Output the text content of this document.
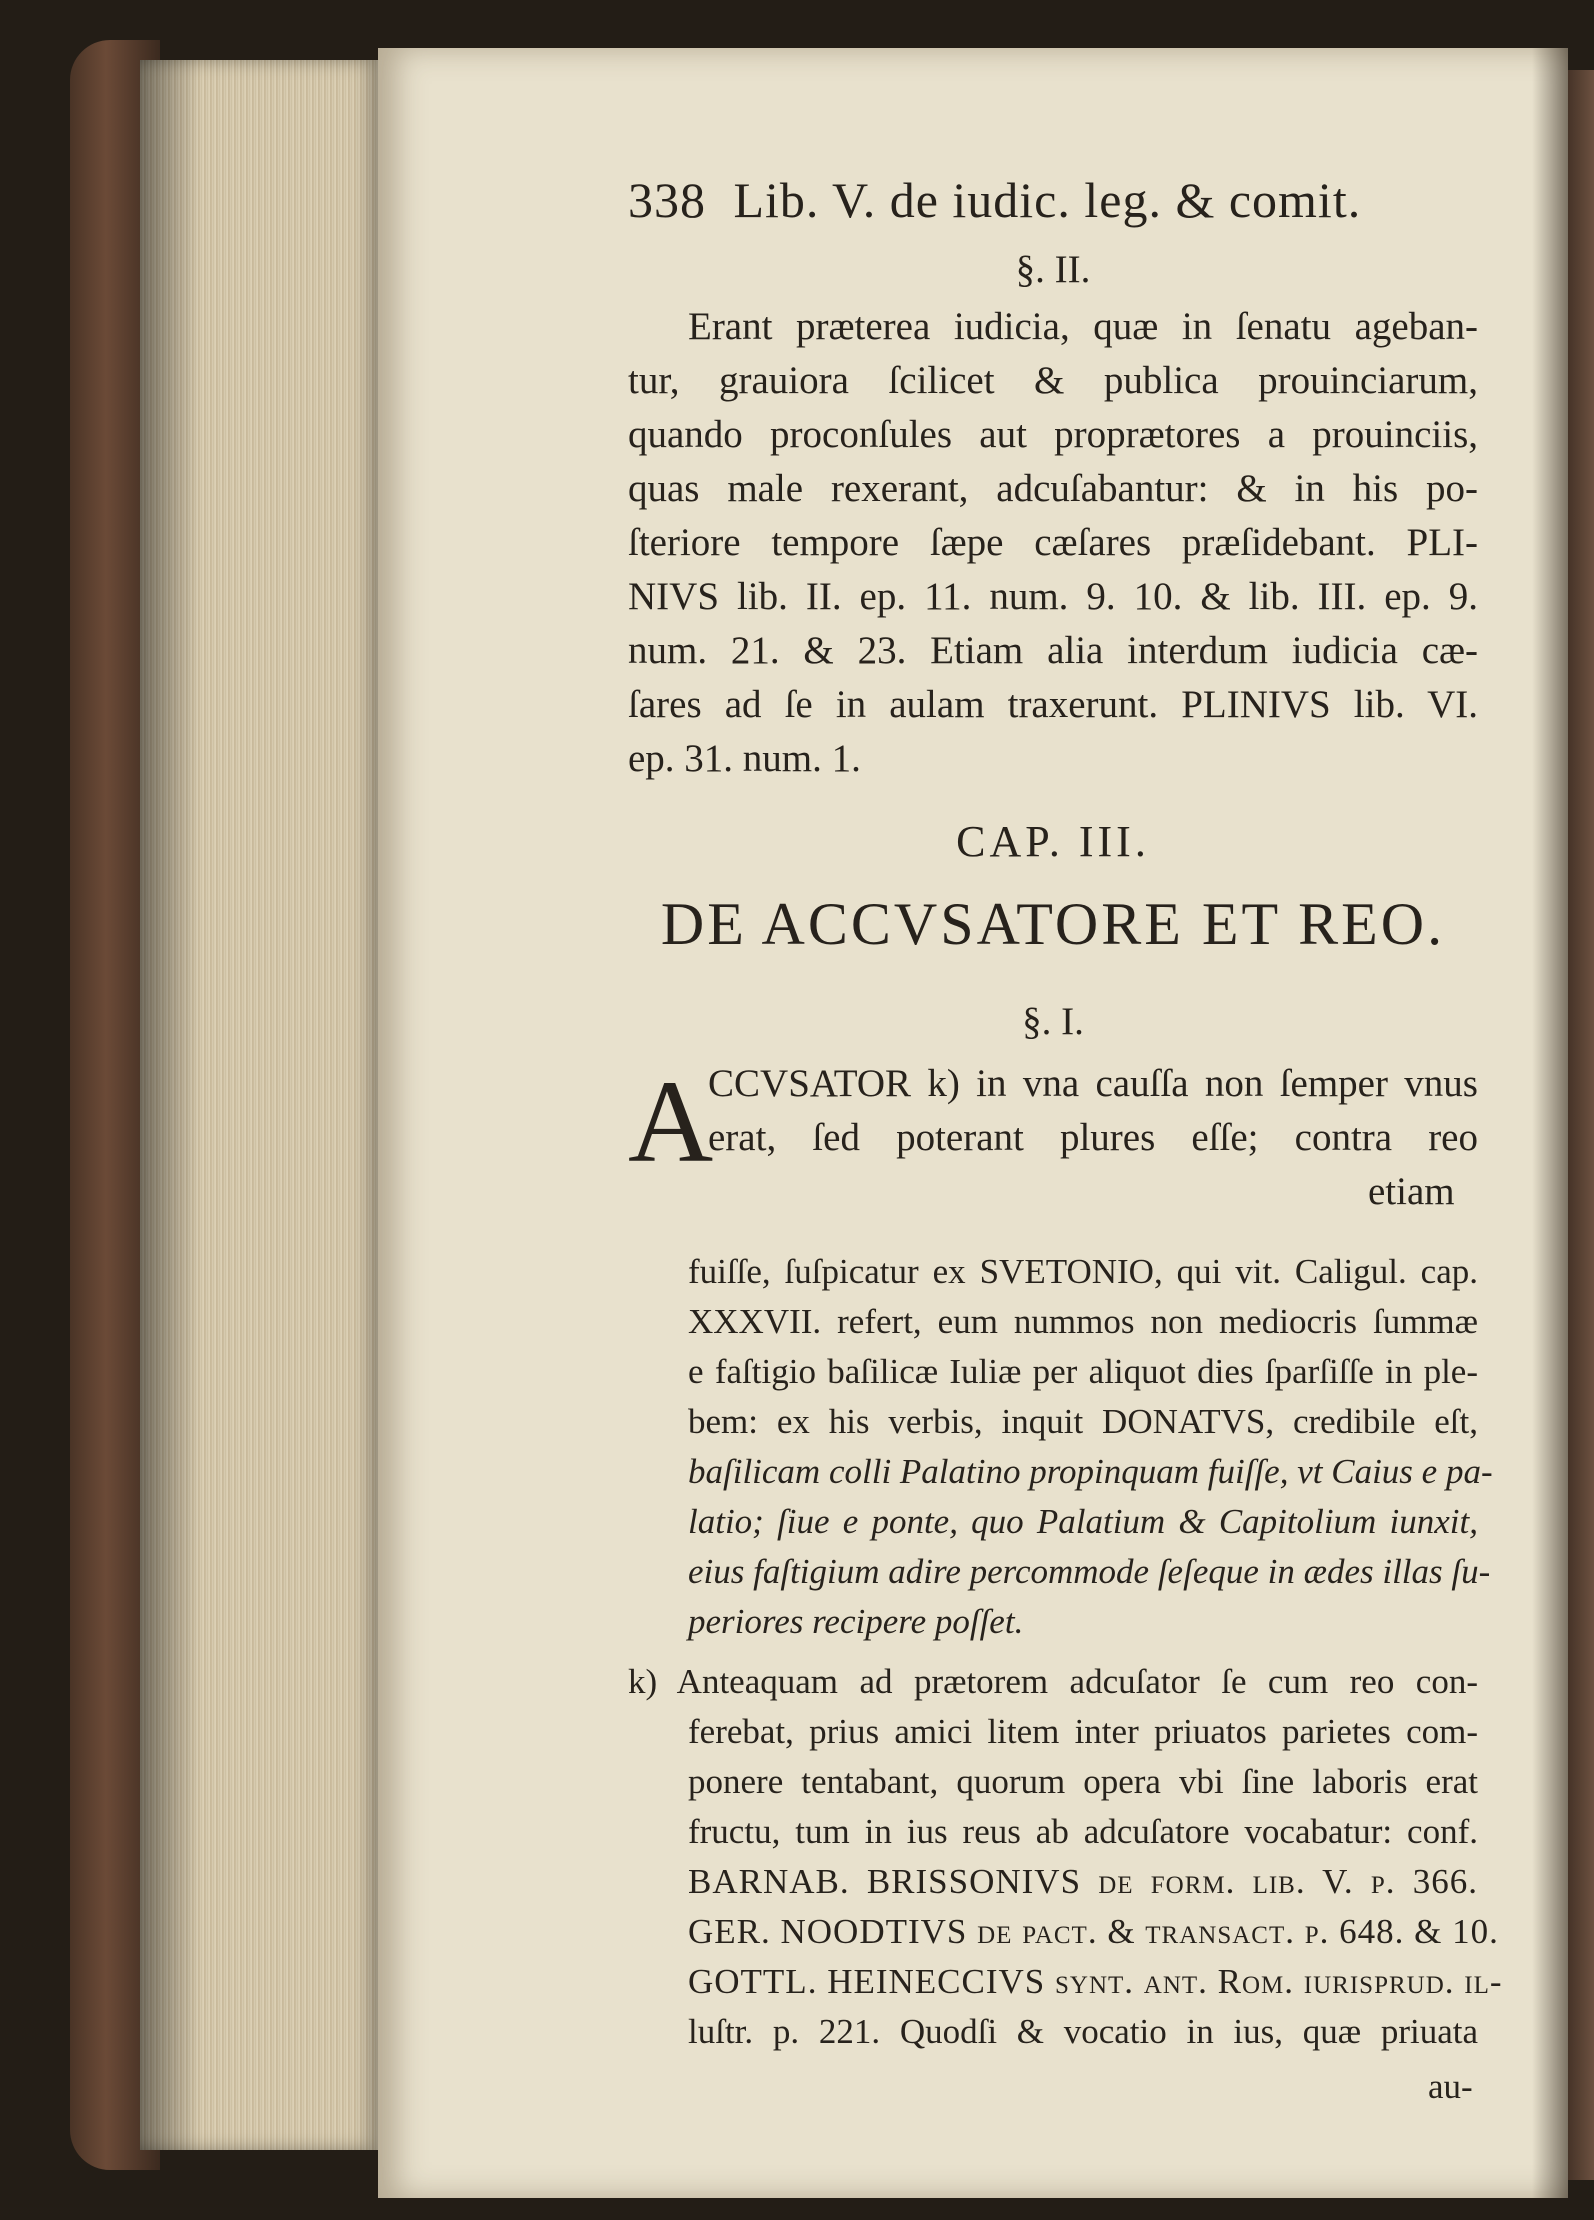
338 Lib. V. de iudic. leg. & comit.
§. II.
Erant præterea iudicia, quæ in ſenatu ageban-
tur, grauiora ſcilicet & publica prouinciarum,
quando proconſules aut proprætores a prouinciis,
quas male rexerant, adcuſabantur: & in his po-
ſteriore tempore ſæpe cæſares præſidebant. PLI-
NIVS lib. II. ep. 11. num. 9. 10. & lib. III. ep. 9.
num. 21. & 23. Etiam alia interdum iudicia cæ-
ſares ad ſe in aulam traxerunt. PLINIVS lib. VI.
ep. 31. num. 1.
CAP. III.
DE ACCVSATORE ET REO.
§. I.
A
CCVSATOR k) in vna cauſſa non ſemper vnus
erat, ſed poterant plures eſſe; contra reo
etiam
fuiſſe, ſuſpicatur ex SVETONIO, qui vit. Caligul. cap.
XXXVII. refert, eum nummos non mediocris ſummæ
e faſtigio baſilicæ Iuliæ per aliquot dies ſparſiſſe in ple-
bem: ex his verbis, inquit DONATVS, credibile eſt,
baſilicam colli Palatino propinquam fuiſſe, vt Caius e pa-
latio; ſiue e ponte, quo Palatium & Capitolium iunxit,
eius faſtigium adire percommode ſeſeque in ædes illas ſu-
periores recipere poſſet.
k) Anteaquam ad prætorem adcuſator ſe cum reo con-
ferebat, prius amici litem inter priuatos parietes com-
ponere tentabant, quorum opera vbi ſine laboris erat
fructu, tum in ius reus ab adcuſatore vocabatur: conf.
BARNAB. BRISSONIVS de form. lib. V. p. 366.
GER. NOODTIVS de pact. & transact. p. 648. & 10.
GOTTL. HEINECCIVS ſynt. ant. Rom. iurisprud. il-
luſtr. p. 221. Quodſi & vocatio in ius, quæ priuata
au-
